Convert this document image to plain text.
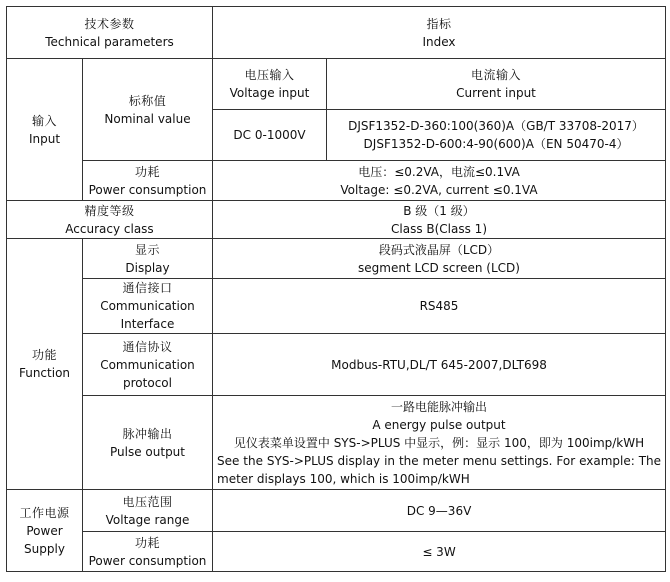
技术参数
Technical parameters		指标
Index	

输入
Input	标称值
Nominal value	电压输入
Voltage input	电流输入
Current input

		DC 0-1000V	DJSF1352-D-360:100(360)A（GB/T 33708-2017）
DJSF1352-D-600:4-90(600)A（EN 50470-4）

	功耗
Power consumption	电压：≤0.2VA，电流≤0.1VA
Voltage: ≤0.2VA, current ≤0.1VA	

精度等级
Accuracy class		B 级（1 级）
Class B(Class 1)	

功能
Function	显示
Display	段码式液晶屏（LCD）
segment LCD screen (LCD)	

	通信接口
Communication
Interface	RS485	

	通信协议
Communication
protocol	Modbus-RTU,DL/T 645-2007,DLT698	

	脉冲输出
Pulse output	一路电能脉冲输出
A energy pulse output
见仪表菜单设置中 SYS->PLUS 中显示，例：显示 100，即为 100imp/kWH
See the SYS->PLUS display in the meter menu settings. For example: The meter displays 100, which is 100imp/kWH	

工作电源
Power
Supply	电压范围
Voltage range	DC 9—36V	

	功耗
Power consumption	≤ 3W	
